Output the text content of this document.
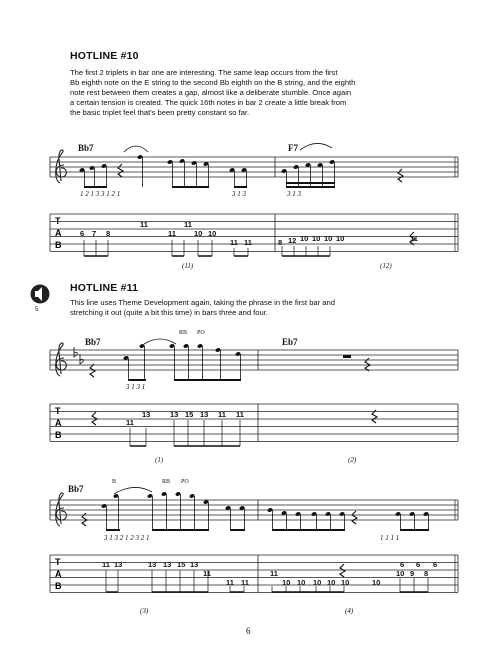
HOTLINE #10
The first 2 triplets in bar one are interesting. The same leap occurs from the first
Bb eighth note on the E string to the second Bb eighth on the B string, and the eighth
note rest between them creates a gap, almost like a deliberate stumble. Once again
a certain tension is created. The quick 16th notes in bar 2 create a little break from
the basic triplet feel that's been pretty constant so far.
HOTLINE #11
This line uses Theme Development again, taking the phrase in the first bar and
stretching it out (quite a bit this time) in bars three and four.
5
Bb7	F7
Bb7	Eb7
Bb7
1 2 1 3 3 1 2 1	3 1 3	3 1 3
3 1 3 1
3 1 3 2 1 2 3 2 1	1 1 1 1
RB PO
B	RB PO
(11)	(12)
(1)	(2)
(3)	(4)
6 7 8
11
11 10 10
11 11
11
8 12 10 10 10 10	11
11
13	13 15 13 11 11
11 13	13 13 15 13
11
11 11
11
10 10 10 10 10	10
10 9 8
6 6 6
6
T
A
B
T
A
B
T
A
B
